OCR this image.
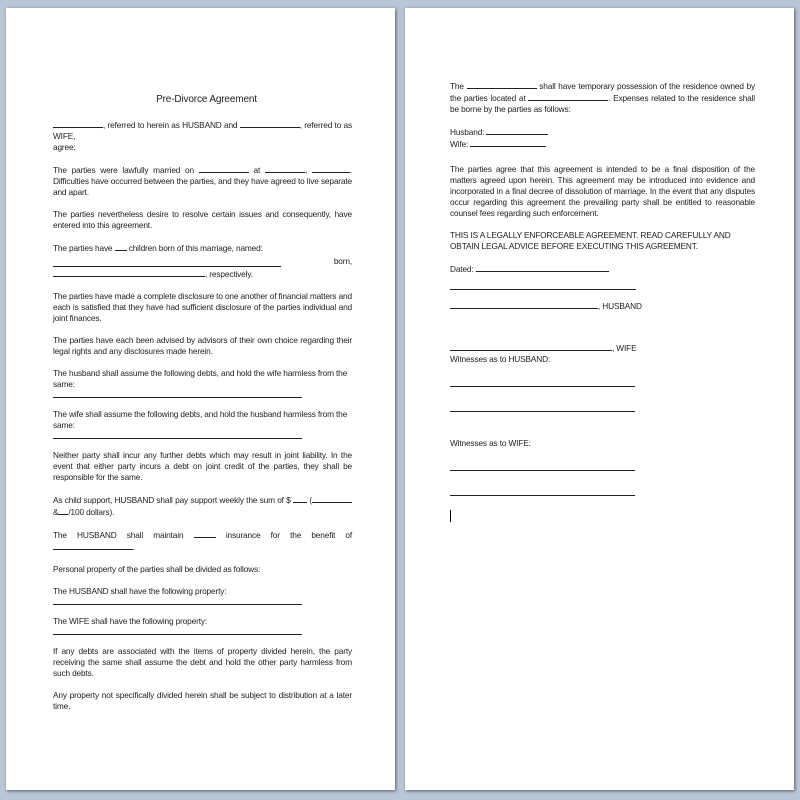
Pre-Divorce Agreement

, referred to herein as HUSBAND and	, referred to as WIFE,
agree:

The parties were lawfully married on	at	,	. Difficulties have occurred between the parties, and they have agreed to live separate and apart.

The parties nevertheless desire to resolve certain issues and consequently, have entered into this agreement.

The parties have children born of this marriage, named:
born,
, respectively.

The parties have made a complete disclosure to one another of financial matters and each is satisfied that they have had sufficient disclosure of the parties individual and joint finances.

The parties have each been advised by advisors of their own choice regarding their legal rights and any disclosures made herein.

The husband shall assume the following debts, and hold the wife harmless from the same:
The wife shall assume the following debts, and hold the husband harmless from the same:

Neither party shall incur any further debts which may result in joint liability. In the event that either party incurs a debt on joint credit of the parties, they shall be responsible for the same.

As child support, HUSBAND shall pay support weekly the sum of $ (& /100 dollars).

The HUSBAND shall maintain	insurance for the benefit of .

Personal property of the parties shall be divided as follows:

The HUSBAND shall have the following property:
The WIFE shall have the following property:

If any debts are associated with the items of property divided herein, the party receiving the same shall assume the debt and hold the other party harmless from such debts.

Any property not specifically divided herein shall be subject to distribution at a later time.

The	shall have temporary possession of the residence owned by the parties located at	. Expenses related to the residence shall be borne by the parties as follows:

Husband:
Wife:

The parties agree that this agreement is intended to be a final disposition of the matters agreed upon herein. This agreement may be introduced into evidence and incorporated in a final decree of dissolution of marriage. In the event that any disputes occur regarding this agreement the prevailing party shall be entitled to reasonable counsel fees regarding such enforcement.

THIS IS A LEGALLY ENFORCEABLE AGREEMENT. READ CAREFULLY AND OBTAIN LEGAL ADVICE BEFORE EXECUTING THIS AGREEMENT.

Dated:
, HUSBAND
, WIFE
Witnesses as to HUSBAND:
Witnesses as to WIFE:
